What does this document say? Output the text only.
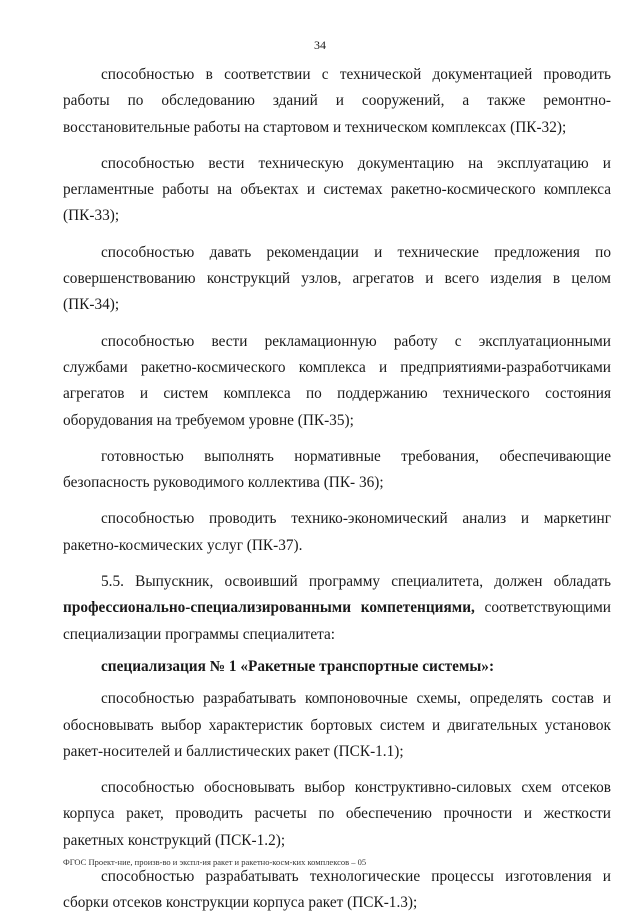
34

способностью в соответствии с технической документацией проводить работы по обследованию зданий и сооружений, а также ремонтно-восстановительные работы на стартовом и техническом комплексах (ПК-32);

способностью вести техническую документацию на эксплуатацию и регламентные работы на объектах и системах ракетно-космического комплекса (ПК-33);

способностью давать рекомендации и технические предложения по совершенствованию конструкций узлов, агрегатов и всего изделия в целом (ПК-34);

способностью вести рекламационную работу с эксплуатационными службами ракетно-космического комплекса и предприятиями-разработчиками агрегатов и систем комплекса по поддержанию технического состояния оборудования на требуемом уровне (ПК-35);

готовностью выполнять нормативные требования, обеспечивающие безопасность руководимого коллектива (ПК- 36);

способностью проводить технико-экономический анализ и маркетинг ракетно-космических услуг (ПК-37).

5.5. Выпускник, освоивший программу специалитета, должен обладать профессионально-специализированными компетенциями, соответствующими специализации программы специалитета:

специализация № 1 «Ракетные транспортные системы»:

способностью разрабатывать компоновочные схемы, определять состав и обосновывать выбор характеристик бортовых систем и двигательных установок ракет-носителей и баллистических ракет (ПСК-1.1);

способностью обосновывать выбор конструктивно-силовых схем отсеков корпуса ракет, проводить расчеты по обеспечению прочности и жесткости ракетных конструкций (ПСК-1.2);

способностью разрабатывать технологические процессы изготовления и сборки отсеков конструкции корпуса ракет (ПСК-1.3);

ФГОС Проект-ние, произв-во и экспл-ия ракет и ракетно-косм-ких комплексов – 05
